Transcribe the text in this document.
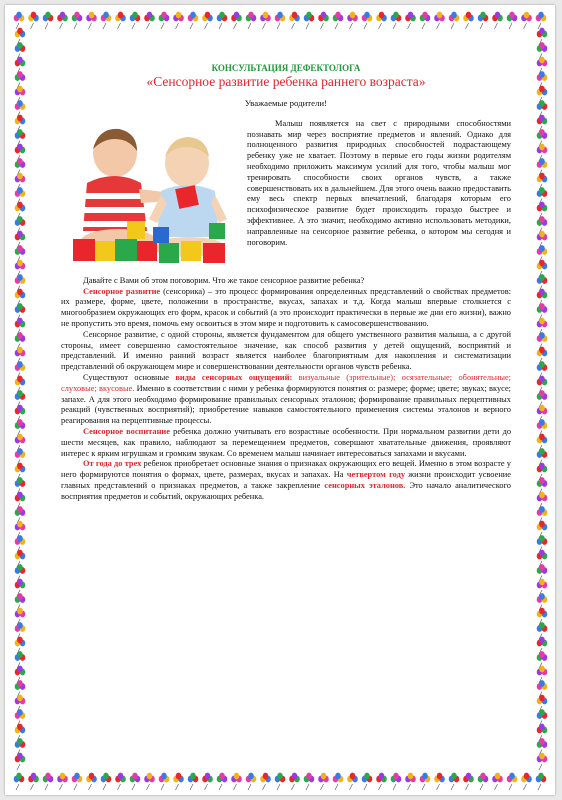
КОНСУЛЬТАЦИЯ ДЕФЕКТОЛОГА
«Сенсорное развитие ребенка раннего возраста»
Уважаемые родители!

Малыш появляется на свет с природными способностями познавать мир через восприятие предметов и явлений. Однако для полноценного развития природных способностей подрастающему ребенку уже не хватает. Поэтому в первые его годы жизни родителям необходимо приложить максимум усилий для того, чтобы малыш мог тренировать способности своих органов чувств, а также совершенствовать их в дальнейшем. Для этого очень важно предоставить ему весь спектр первых впечатлений, благодаря которым его психофизическое развитие будет происходить гораздо быстрее и эффективнее. А это значит, необходимо активно использовать методики, направленные на сенсорное развитие ребенка, о котором мы сегодня и поговорим.

Давайте с Вами об этом поговорим. Что же такое сенсорное развитие ребенка?

Сенсорное развитие (сенсорика) – это процесс формирования определенных представлений о свойствах предметов: их размере, форме, цвете, положении в пространстве, вкусах, запахах и т.д. Когда малыш впервые столкнется с многообразием окружающих его форм, красок и событий (а это происходит практически в первые же дни его жизни), важно не пропустить это время, помочь ему освоиться в этом мире и подготовить к самосовершенствованию.

Сенсорное развитие, с одной стороны, является фундаментом для общего умственного развития малыша, а с другой стороны, имеет совершенно самостоятельное значение, как способ развития у детей ощущений, восприятий и представлений. И именно ранний возраст является наиболее благоприятным для накопления и систематизации представлений об окружающем мире и совершенствовании деятельности органов чувств ребенка.

Существуют основные виды сенсорных ощущений: визуальные (зрительные); осязательные; обонятельные; слуховые; вкусовые. Именно в соответствии с ними у ребенка формируются понятия о: размере; форме; цвете; звуках; вкусе; запахе. А для этого необходимо формирование правильных сенсорных эталонов; формирование правильных перцептивных реакций (чувственных восприятий); приобретение навыков самостоятельного применения системы эталонов и верного реагирования на перцептивные процессы.

Сенсорное воспитание ребенка должно учитывать его возрастные особенности. При нормальном развитии дети до шести месяцев, как правило, наблюдают за перемещением предметов, совершают хватательные движения, проявляют интерес к ярким игрушкам и громким звукам. Со временем малыш начинает интересоваться запахами и вкусами.

От года до трех ребенок приобретает основные знания о признаках окружающих его вещей. Именно в этом возрасте у него формируются понятия о формах, цвете, размерах, вкусах и запахах. На четвертом году жизни происходит усвоение главных представлений о признаках предметов, а также закрепление сенсорных эталонов. Это начало аналитического восприятия предметов и событий, окружающих ребенка.
